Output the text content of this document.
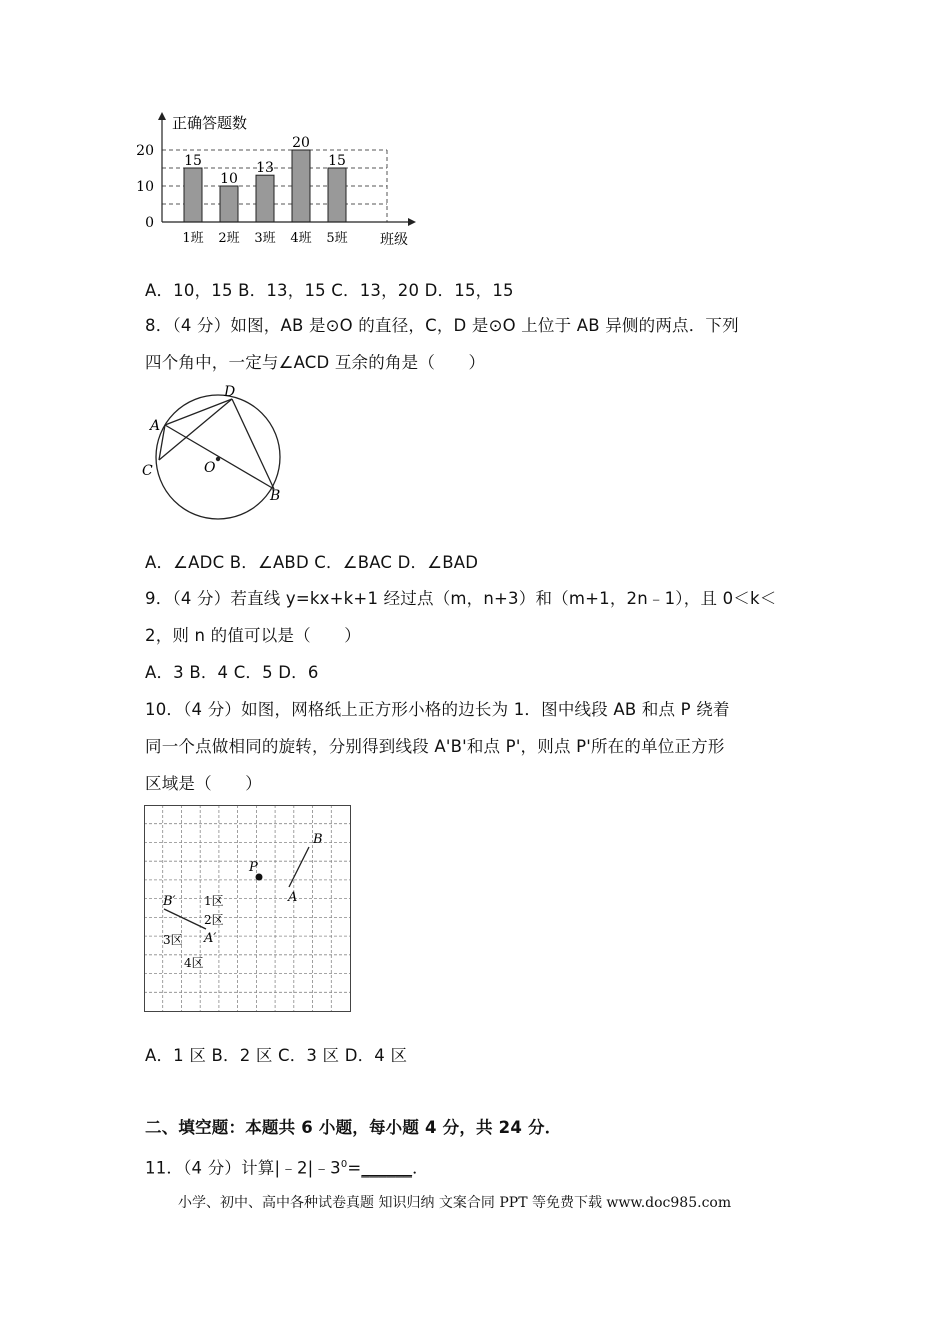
15
1班
10
2班
13
3班
20
4班
15
5班
0
10
20
正确答题数
班级
A．10，15 B．13，15 C．13，20 D．15，15
8．（4 分）如图，AB 是⊙O 的直径，C，D 是⊙O 上位于 AB 异侧的两点．下列
四个角中，一定与∠ACD 互余的角是（　　）
D
A
C	O
B
A．∠ADC B．∠ABD C．∠BAC D．∠BAD
9．（4 分）若直线 y=kx+k+1 经过点（m，n+3）和（m+1，2n﹣1），且 0＜k＜
2，则 n 的值可以是（　　）
A．3 B．4 C．5 D．6
10．（4 分）如图，网格纸上正方形小格的边长为 1．图中线段 AB 和点 P 绕着
同一个点做相同的旋转，分别得到线段 A'B'和点 P'，则点 P'所在的单位正方形
区域是（　　）
B
P
A
B′
A′
1区
2区
3区
4区
A．1 区 B．2 区 C．3 区 D．4 区
二、填空题：本题共 6 小题，每小题 4 分，共 24 分．
11．（4 分）计算$|﹣2|﹣3^0=\_\_\_\_\_\_$．
小学、初中、高中各种试卷真题 知识归纳 文案合同 PPT 等免费下载 www.doc985.com
